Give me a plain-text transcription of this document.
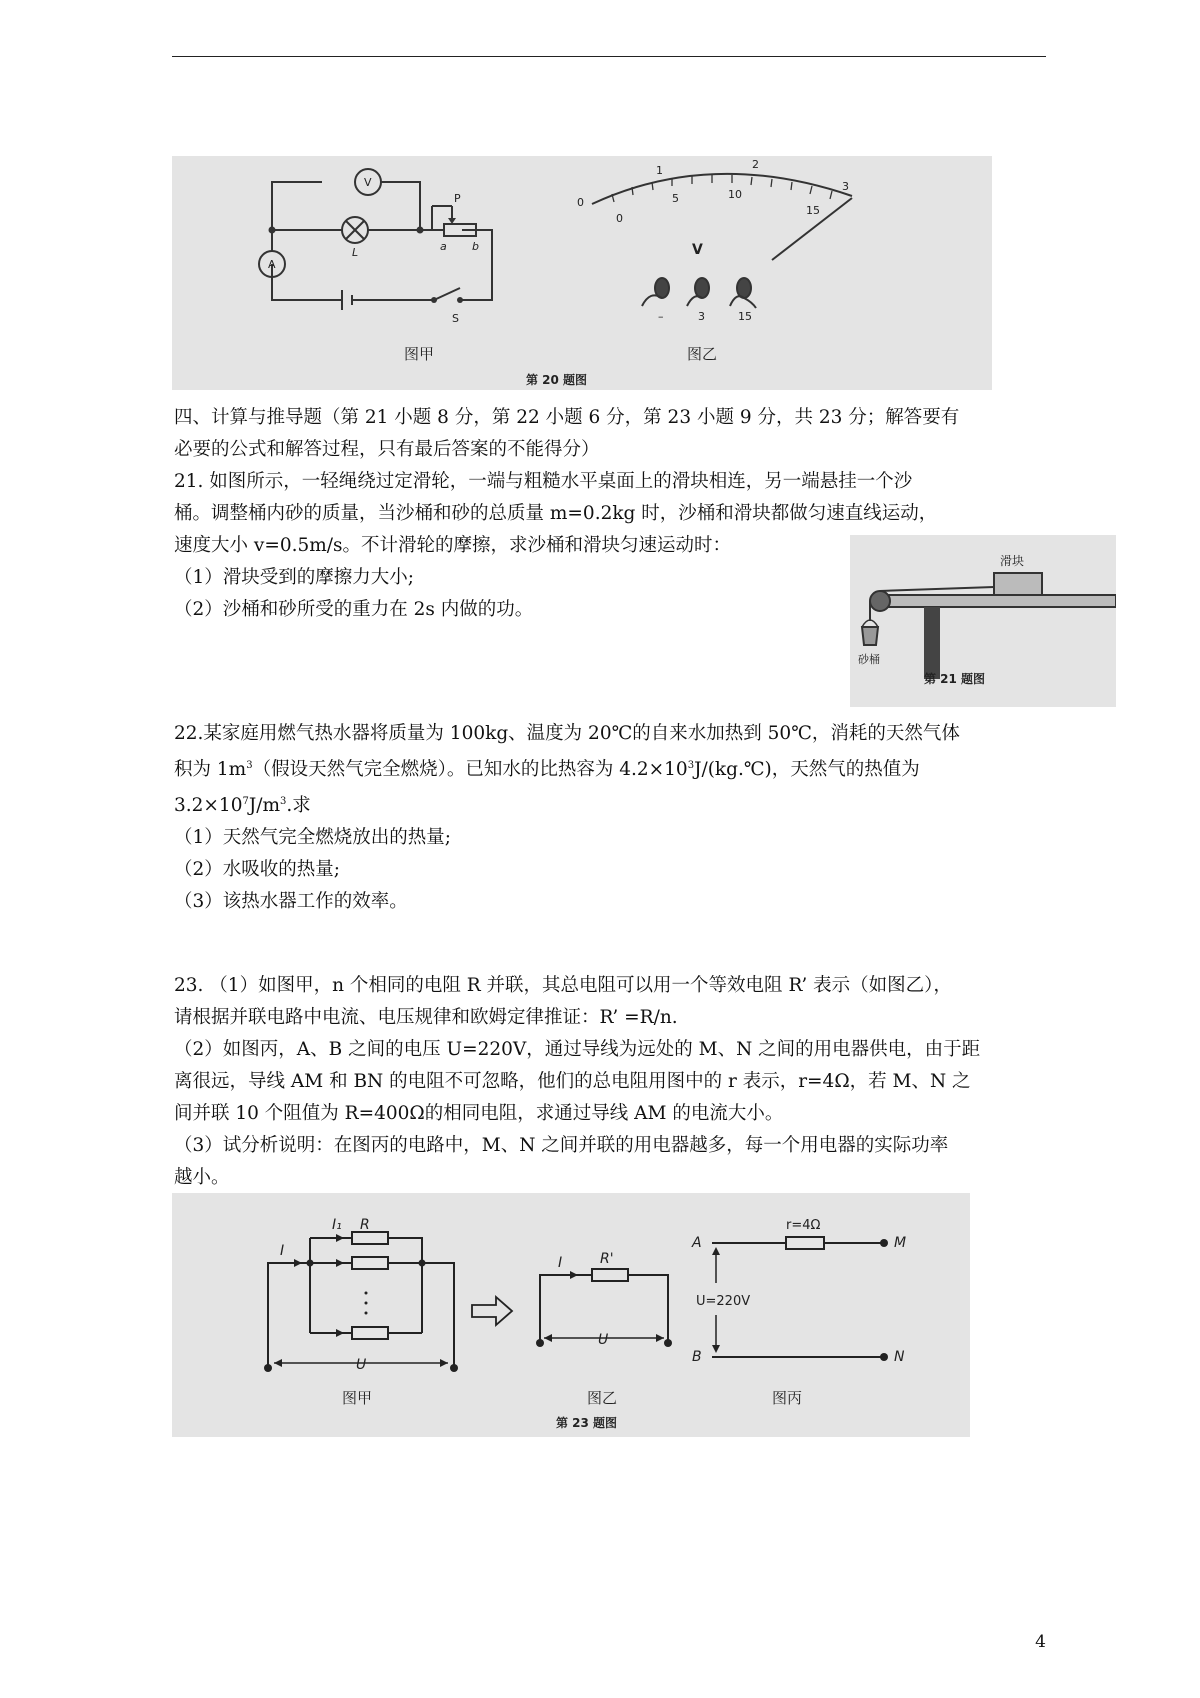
V
A
L
P
a b
S
0
1	2
3
0
5	10
15
V
–	3	15
图甲	图乙
第 20 题图

四、计算与推导题（第 21 小题 8 分，第 22 小题 6 分，第 23 小题 9 分，共 23 分；解答要有

必要的公式和解答过程，只有最后答案的不能得分）

21. 如图所示，一轻绳绕过定滑轮，一端与粗糙水平桌面上的滑块相连，另一端悬挂一个沙

桶。调整桶内砂的质量，当沙桶和砂的总质量 m=0.2kg 时，沙桶和滑块都做匀速直线运动，

速度大小 v=0.5m/s。不计滑轮的摩擦，求沙桶和滑块匀速运动时：

（1）滑块受到的摩擦力大小;

（2）沙桶和砂所受的重力在 2s 内做的功。

滑块
砂桶
第 21 题图

22.某家庭用燃气热水器将质量为 100kg、温度为 20℃的自来水加热到 50℃，消耗的天然气体

积为 $1m^3$（假设天然气完全燃烧）。已知水的比热容为 $4.2\times 10^3J/(kg.℃)$，天然气的热值为

$3.2\times 10^7J/m^3$.求

（1）天然气完全燃烧放出的热量;

（2）水吸收的热量;

（3）该热水器工作的效率。

23. （1）如图甲，n 个相同的电阻 R 并联，其总电阻可以用一个等效电阻 R’ 表示（如图乙），

请根据并联电路中电流、电压规律和欧姆定律推证：R’ =R/n.

（2）如图丙，A、B 之间的电压 U=220V，通过导线为远处的 M、N 之间的用电器供电，由于距

离很远，导线 AM 和 BN 的电阻不可忽略，他们的总电阻用图中的 r 表示，r=4Ω，若 M、N 之

间并联 10 个阻值为 R=400Ω的相同电阻，求通过导线 AM 的电流大小。

（3）试分析说明：在图丙的电路中，M、N 之间并联的用电器越多，每一个用电器的实际功率

越小。

I₁ R
I
U
I	R'
U
A
B
M
N
r=4Ω
U=220V
图甲	图乙	图丙
第 23 题图
4
